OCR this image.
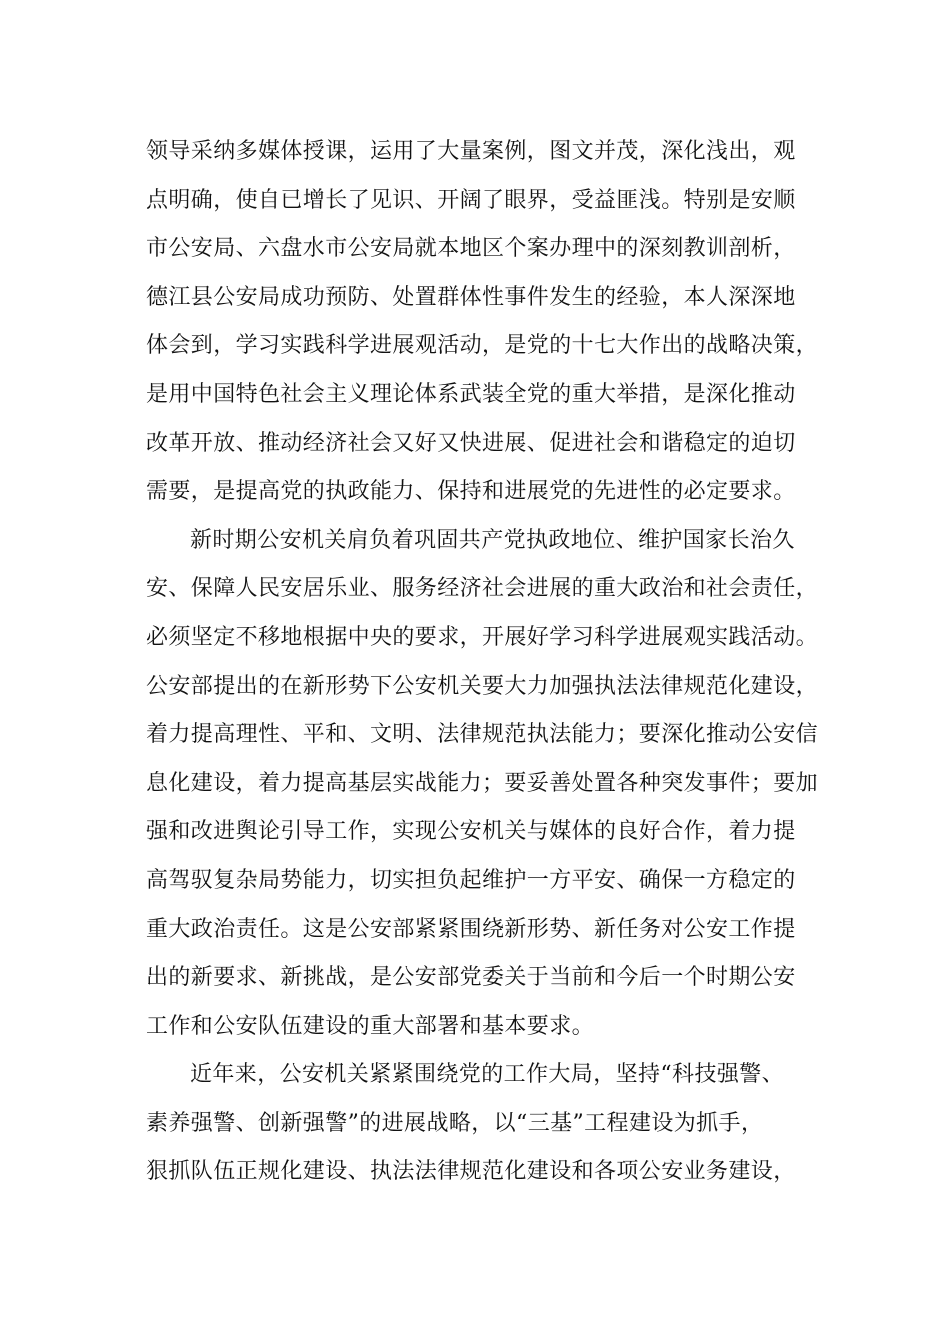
领导采纳多媒体授课，运用了大量案例，图文并茂，深化浅出，观
点明确，使自已增长了见识、开阔了眼界，受益匪浅。特别是安顺
市公安局、六盘水市公安局就本地区个案办理中的深刻教训剖析，
德江县公安局成功预防、处置群体性事件发生的经验，本人深深地
体会到，学习实践科学进展观活动，是党的十七大作出的战略决策，
是用中国特色社会主义理论体系武装全党的重大举措，是深化推动
改革开放、推动经济社会又好又快进展、促进社会和谐稳定的迫切
需要，是提高党的执政能力、保持和进展党的先进性的必定要求。
新时期公安机关肩负着巩固共产党执政地位、维护国家长治久
安、保障人民安居乐业、服务经济社会进展的重大政治和社会责任，
必须坚定不移地根据中央的要求，开展好学习科学进展观实践活动。
公安部提出的在新形势下公安机关要大力加强执法法律规范化建设，
着力提高理性、平和、文明、法律规范执法能力；要深化推动公安信
息化建设，着力提高基层实战能力；要妥善处置各种突发事件；要加
强和改进舆论引导工作，实现公安机关与媒体的良好合作，着力提
高驾驭复杂局势能力，切实担负起维护一方平安、确保一方稳定的
重大政治责任。这是公安部紧紧围绕新形势、新任务对公安工作提
出的新要求、新挑战，是公安部党委关于当前和今后一个时期公安
工作和公安队伍建设的重大部署和基本要求。
近年来，公安机关紧紧围绕党的工作大局，坚持“科技强警、
素养强警、创新强警”的进展战略，以“三基”工程建设为抓手，
狠抓队伍正规化建设、执法法律规范化建设和各项公安业务建设，
